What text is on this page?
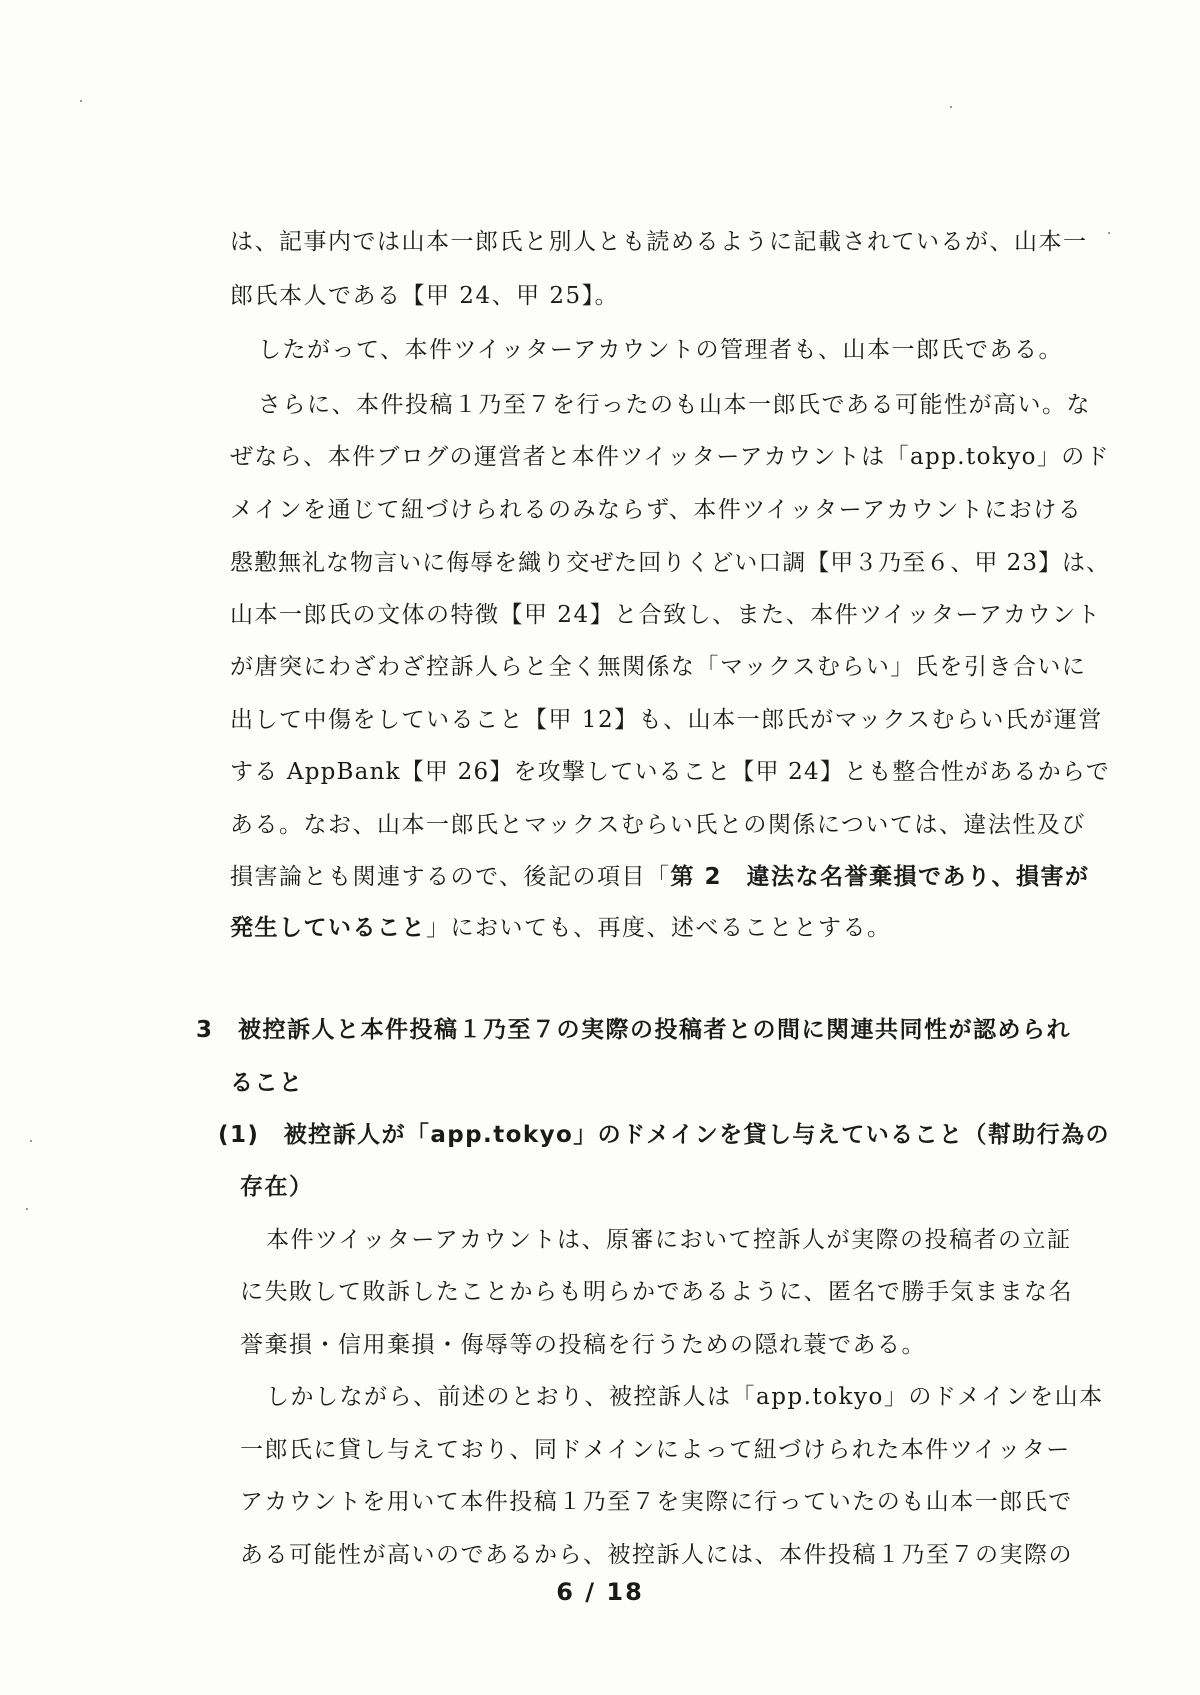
は、記事内では山本一郎氏と別人とも読めるように記載されているが、山本一
郎氏本人である【甲 24、甲 25】。
したがって、本件ツイッターアカウントの管理者も、山本一郎氏である。
さらに、本件投稿１乃至７を行ったのも山本一郎氏である可能性が高い。な
ぜなら、本件ブログの運営者と本件ツイッターアカウントは「app.tokyo」のド
メインを通じて紐づけられるのみならず、本件ツイッターアカウントにおける
慇懃無礼な物言いに侮辱を織り交ぜた回りくどい口調【甲３乃至６、甲 23】は、
山本一郎氏の文体の特徴【甲 24】と合致し、また、本件ツイッターアカウント
が唐突にわざわざ控訴人らと全く無関係な「マックスむらい」氏を引き合いに
出して中傷をしていること【甲 12】も、山本一郎氏がマックスむらい氏が運営
する AppBank【甲 26】を攻撃していること【甲 24】とも整合性があるからで
ある。なお、山本一郎氏とマックスむらい氏との関係については、違法性及び
損害論とも関連するので、後記の項目「第 2　違法な名誉棄損であり、損害が
発生していること」においても、再度、述べることとする。
3　被控訴人と本件投稿１乃至７の実際の投稿者との間に関連共同性が認められ
ること
(1)　被控訴人が「app.tokyo」のドメインを貸し与えていること（幇助行為の
存在）
本件ツイッターアカウントは、原審において控訴人が実際の投稿者の立証
に失敗して敗訴したことからも明らかであるように、匿名で勝手気ままな名
誉棄損・信用棄損・侮辱等の投稿を行うための隠れ蓑である。
しかしながら、前述のとおり、被控訴人は「app.tokyo」のドメインを山本
一郎氏に貸し与えており、同ドメインによって紐づけられた本件ツイッター
アカウントを用いて本件投稿１乃至７を実際に行っていたのも山本一郎氏で
ある可能性が高いのであるから、被控訴人には、本件投稿１乃至７の実際の
6 / 18
